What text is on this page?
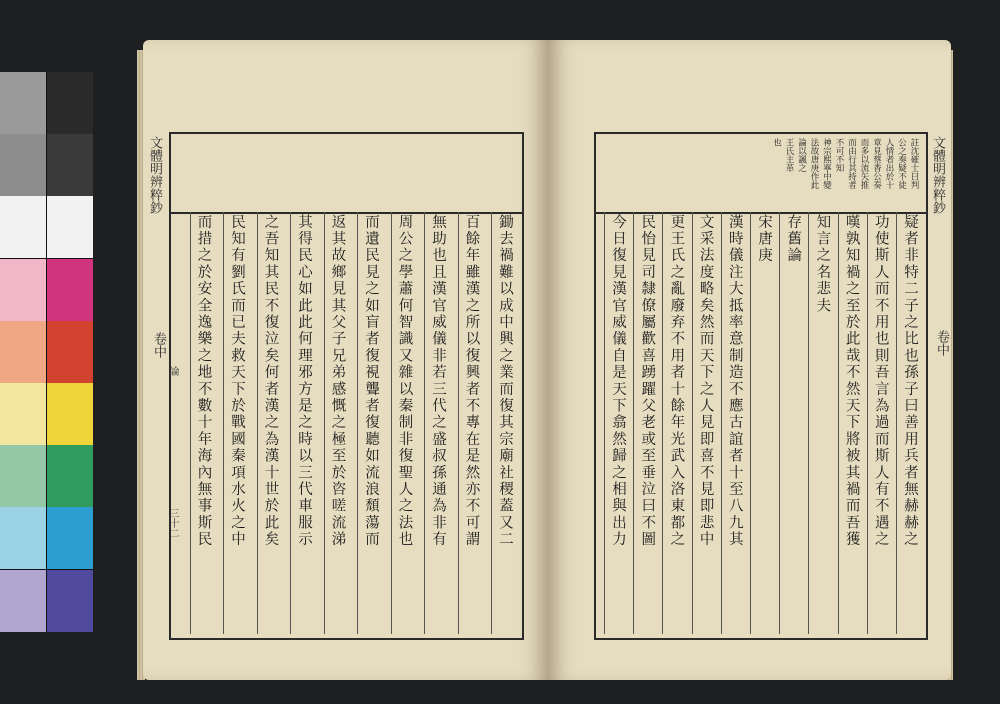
鋤去禍難以成中興之業而復其宗廟社稷蓋又二
百餘年雖漢之所以復興者不專在是然亦不可謂
無助也且漢官威儀非若三代之盛叔孫通為非有
周公之學蕭何智識又雜以秦制非復聖人之法也
而遺民見之如盲者復視聾者復聽如流浪頹蕩而
返其故鄉見其父子兄弟感慨之極至於咨嗟流涕
其得民心如此此何理邪方是之時以三代車服示
之吾知其民不復泣矣何者漢之為漢十世於此矣
民知有劉氏而已夫救天下於戰國秦項水火之中
而措之於安全逸樂之地不數十年海內無事斯民
文體明辨粹鈔
卷中
論
三十二
註沈確士曰判
公之奏疑不徒
人情者出於十
章見蔡香公奏
而多以流矢推
而由行其持者
不可不知
神宗熙寧中變
法故唐庚作此
論以諷之
王氏主革
也
疑者非特二子之比也孫子曰善用兵者無赫赫之
功使斯人而不用也則吾言為過而斯人有不遇之
嘆孰知禍之至於此哉不然天下將被其禍而吾獲
知言之名悲夫
存舊論
宋唐庚
漢時儀注大抵率意制造不應古誼者十至八九其
文采法度略矣然而天下之人見即喜不見即悲中
更王氏之亂廢弃不用者十餘年光武入洛東都之
民怡見司隸僚屬歡喜踴躍父老或至垂泣曰不圖
今日復見漢官威儀自是天下翕然歸之相與出力
文體明辨粹鈔
卷中
